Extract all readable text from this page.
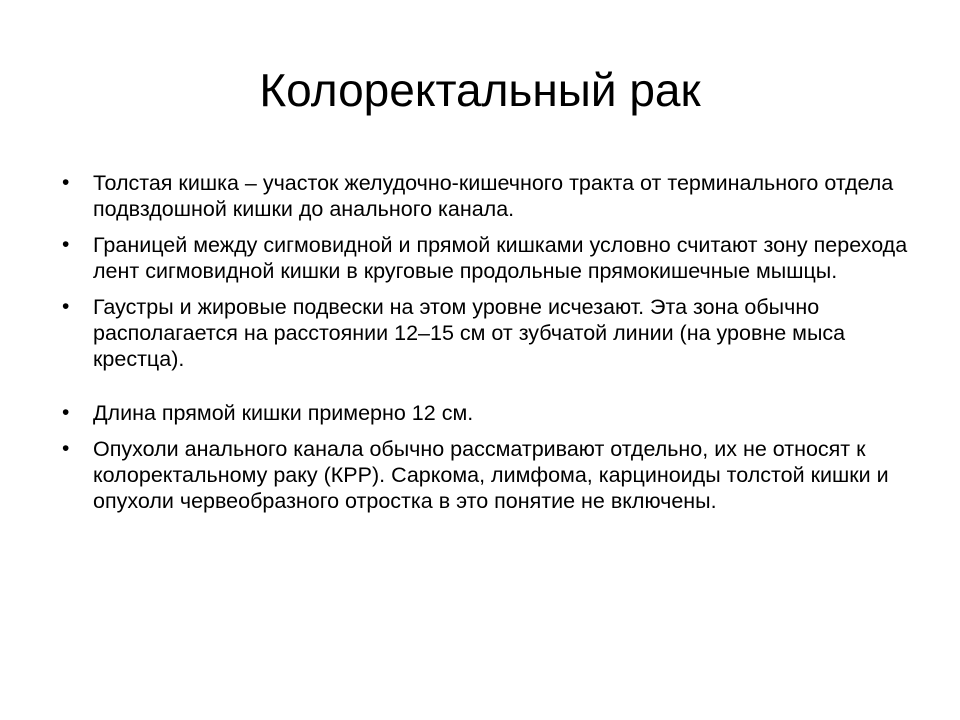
Колоректальный рак
•	Толстая кишка – участок желудочно-кишечного тракта от терминального отдела подвздошной кишки до анального канала.
•	Границей между сигмовидной и прямой кишками условно считают зону перехода лент сигмовидной кишки в круговые продольные прямокишечные мышцы.
•	Гаустры и жировые подвески на этом уровне исчезают. Эта зона обычно располагается на расстоянии 12–15 см от зубчатой линии (на уровне мыса крестца).
•	Длина прямой кишки примерно 12 см.
•	Опухоли анального канала обычно рассматривают отдельно, их не относят к колоректальному раку (КРР). Саркома, лимфома, карциноиды толстой кишки и опухоли червеобразного отростка в это понятие не включены.
